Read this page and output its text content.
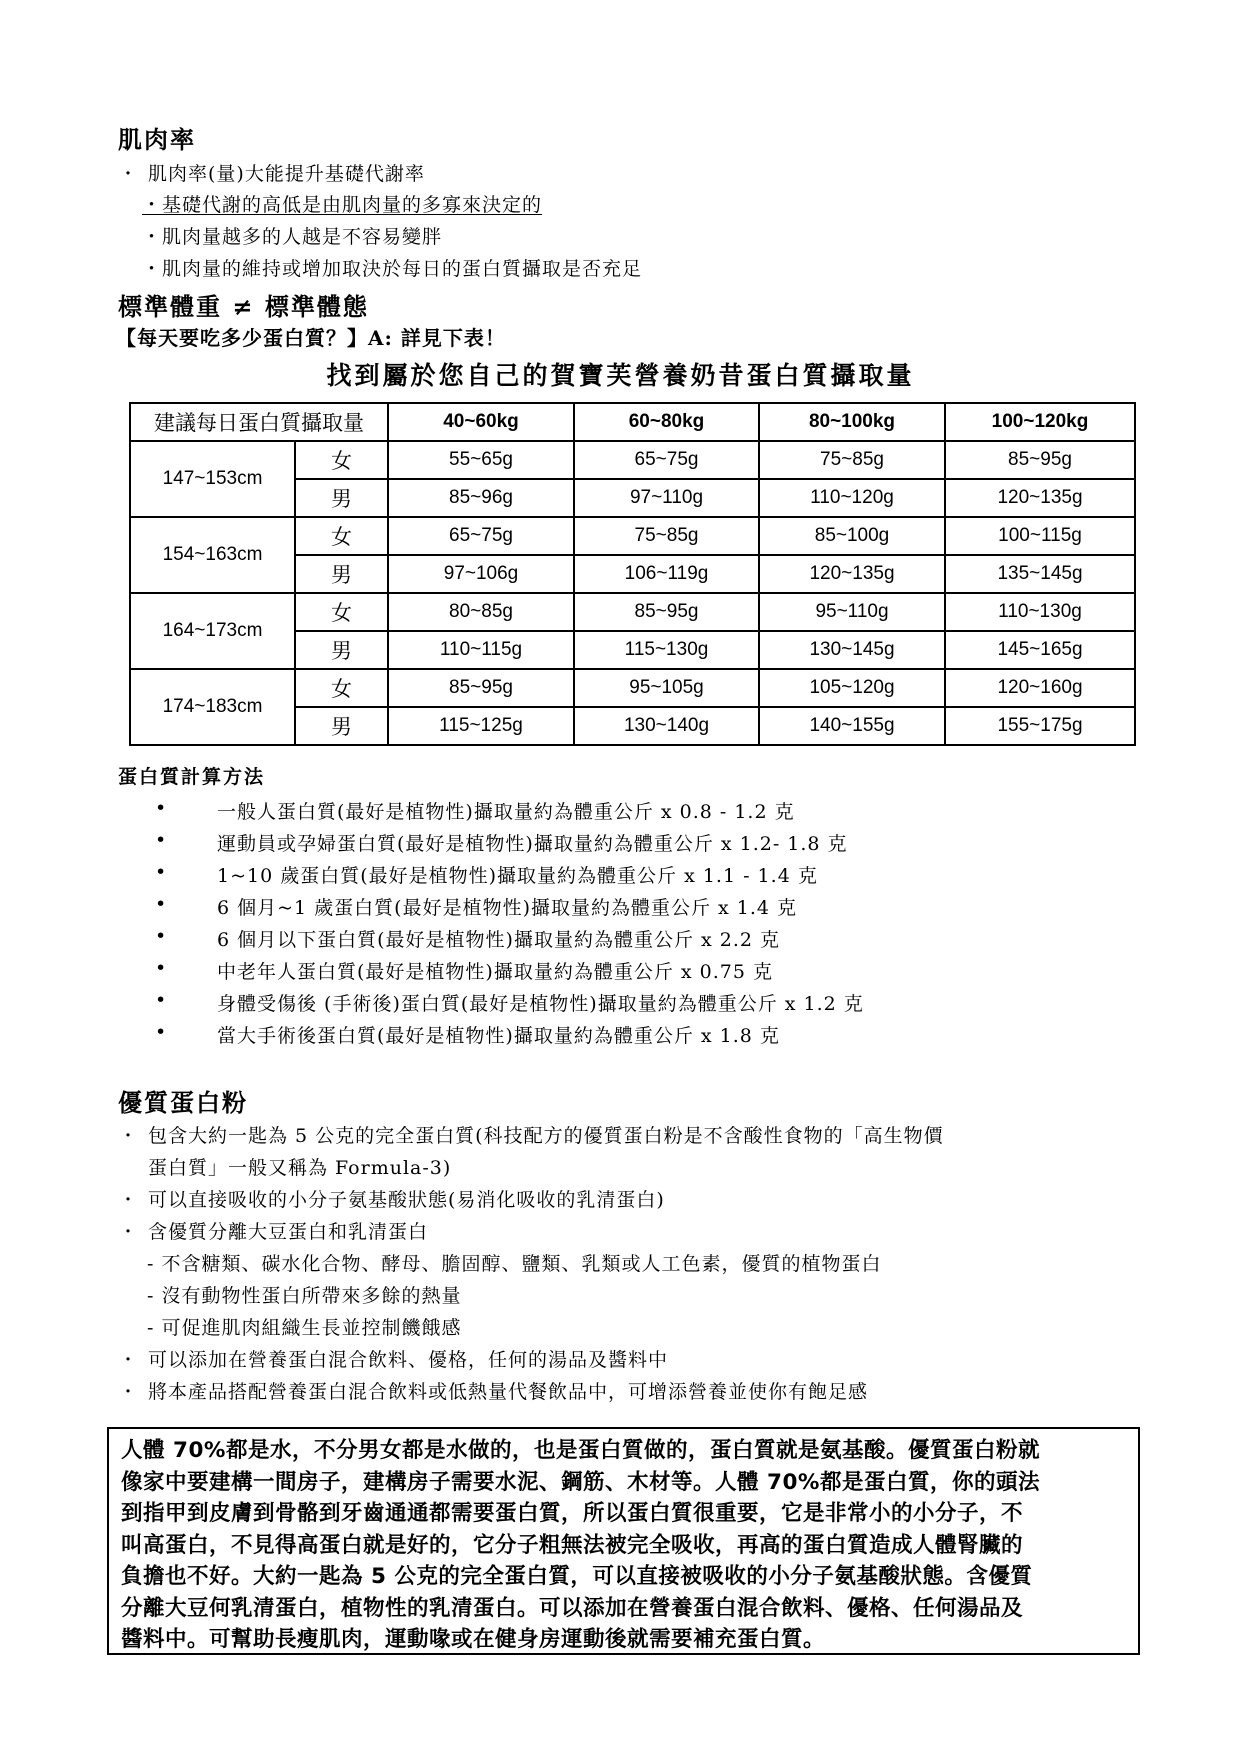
肌肉率
・ 肌肉率(量)大能提升基礎代謝率
・基礎代謝的高低是由肌肉量的多寡來決定的
・肌肉量越多的人越是不容易變胖
・肌肉量的維持或增加取決於每日的蛋白質攝取是否充足
標準體重 ≠ 標準體態
【每天要吃多少蛋白質？】A: 詳見下表！
找到屬於您自己的賀寶芙營養奶昔蛋白質攝取量
建議每日蛋白質攝取量		40~60kg	60~80kg	80~100kg	100~120kg
147~153cm	女	55~65g	65~75g	75~85g	85~95g
	男	85~96g	97~110g	110~120g	120~135g
154~163cm	女	65~75g	75~85g	85~100g	100~115g
	男	97~106g	106~119g	120~135g	135~145g
164~173cm	女	80~85g	85~95g	95~110g	110~130g
	男	110~115g	115~130g	130~145g	145~165g
174~183cm	女	85~95g	95~105g	105~120g	120~160g
	男	115~125g	130~140g	140~155g	155~175g
蛋白質計算方法
•	一般人蛋白質(最好是植物性)攝取量約為體重公斤 x 0.8 - 1.2 克
•	運動員或孕婦蛋白質(最好是植物性)攝取量約為體重公斤 x 1.2- 1.8 克
•	1~10 歲蛋白質(最好是植物性)攝取量約為體重公斤 x 1.1 - 1.4 克
•	6 個月~1 歲蛋白質(最好是植物性)攝取量約為體重公斤 x 1.4 克
•	6 個月以下蛋白質(最好是植物性)攝取量約為體重公斤 x 2.2 克
•	中老年人蛋白質(最好是植物性)攝取量約為體重公斤 x 0.75 克
•	身體受傷後 (手術後)蛋白質(最好是植物性)攝取量約為體重公斤 x 1.2 克
•	當大手術後蛋白質(最好是植物性)攝取量約為體重公斤 x 1.8 克
優質蛋白粉
・ 包含大約一匙為 5 公克的完全蛋白質(科技配方的優質蛋白粉是不含酸性食物的「高生物價
蛋白質」一般又稱為 Formula-3)
・ 可以直接吸收的小分子氨基酸狀態(易消化吸收的乳清蛋白)
・ 含優質分離大豆蛋白和乳清蛋白
- 不含糖類、碳水化合物、酵母、膽固醇、鹽類、乳類或人工色素，優質的植物蛋白
- 沒有動物性蛋白所帶來多餘的熱量
- 可促進肌肉組織生長並控制饑餓感
・ 可以添加在營養蛋白混合飲料、優格，任何的湯品及醬料中
・ 將本產品搭配營養蛋白混合飲料或低熱量代餐飲品中，可增添營養並使你有飽足感
人體 70%都是水，不分男女都是水做的，也是蛋白質做的，蛋白質就是氨基酸。優質蛋白粉就
像家中要建構一間房子，建構房子需要水泥、鋼筋、木材等。人體 70%都是蛋白質，你的頭法
到指甲到皮膚到骨骼到牙齒通通都需要蛋白質，所以蛋白質很重要，它是非常小的小分子，不
叫高蛋白，不見得高蛋白就是好的，它分子粗無法被完全吸收，再高的蛋白質造成人體腎臟的
負擔也不好。大約一匙為 5 公克的完全蛋白質，可以直接被吸收的小分子氨基酸狀態。含優質
分離大豆何乳清蛋白，植物性的乳清蛋白。可以添加在營養蛋白混合飲料、優格、任何湯品及
醬料中。可幫助長瘦肌肉，運動喙或在健身房運動後就需要補充蛋白質。
